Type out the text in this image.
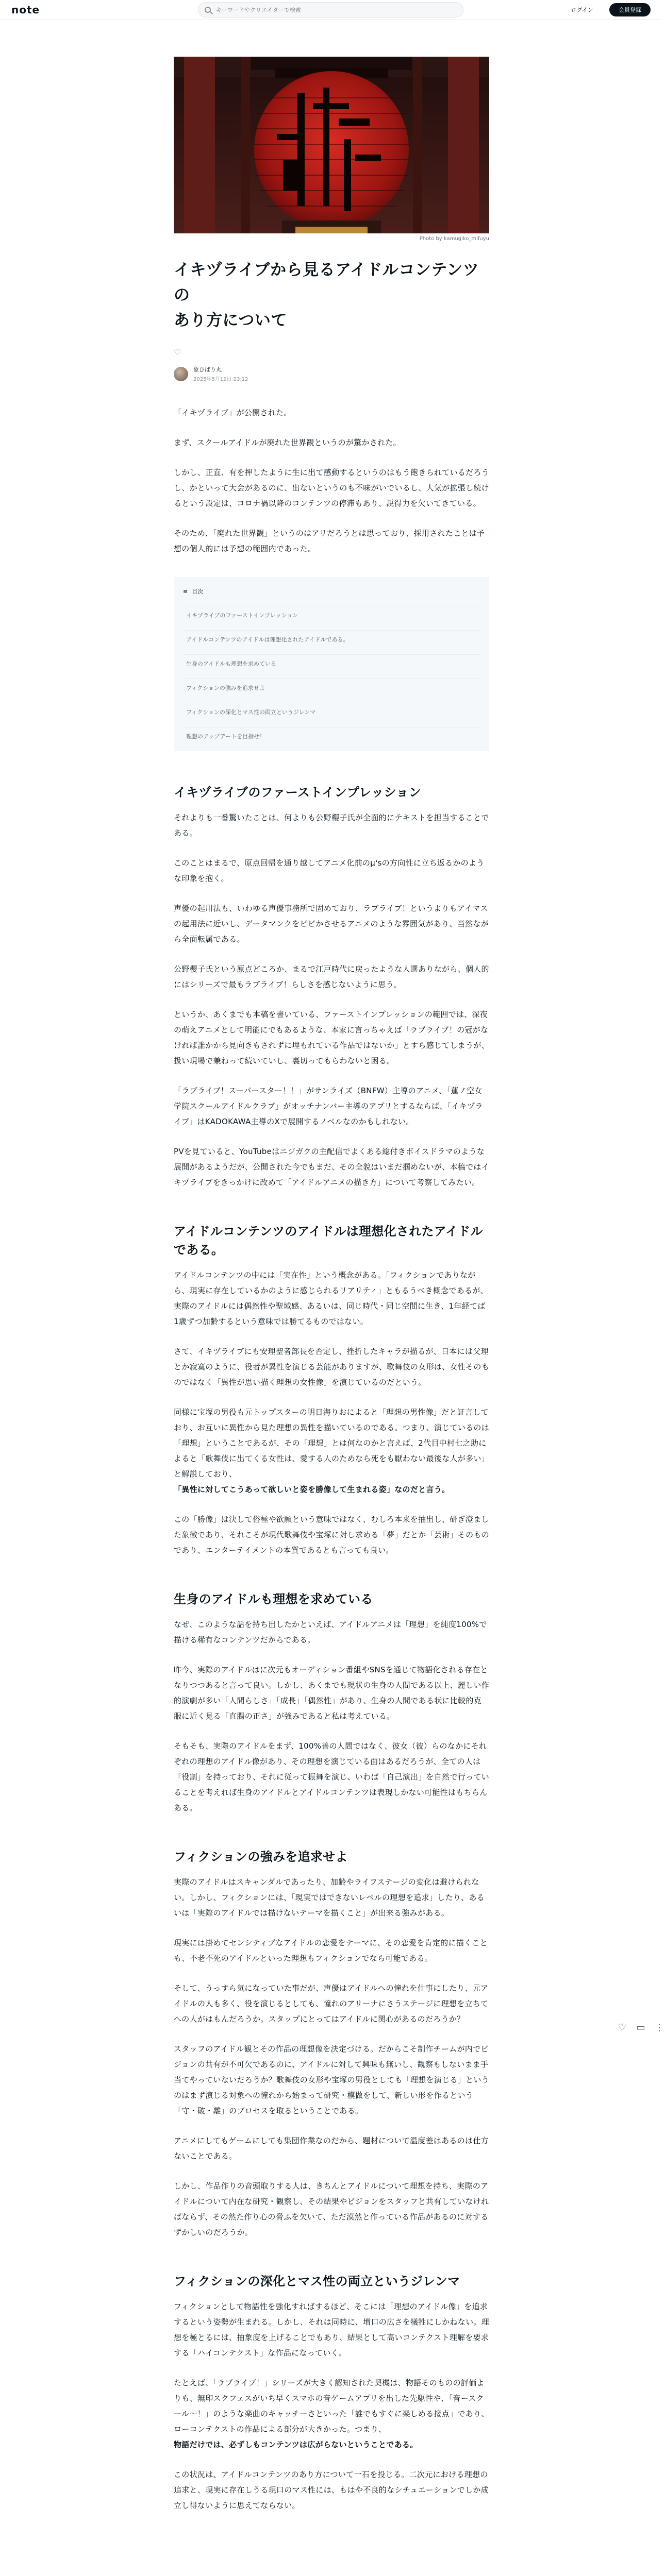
note
キーワードやクリエイターで検索	ログイン	会員登録
Photo by kamugiko_mifuyu
イキヅライブから見るアイドルコンテンツの
あり方について
♡
象ひばり丸
2025年5月12日 23:12

「イキヅライブ」が公開された。

まず、スクールアイドルが廃れた世界観というのが驚かされた。

しかし、正直、有を押したように生に出て感動するというのはもう飽きられているだろうし、かといって大会があるのに、出ないというのも不味がいでいるし、人気が拡張し続けるという設定は、コロナ禍以降のコンテンツの停滞もあり、説得力を欠いてきている。

そのため、「廃れた世界観」というのはアリだろうとは思っており、採用されたことは予想の個人的には予想の範囲内であった。

≡ 目次
イキヅライブのファーストインプレッション
アイドルコンテンツのアイドルは理想化されたアイドルである。
生身のアイドルも理想を求めている
フィクションの強みを追求せよ
フィクションの深化とマス性の両立というジレンマ
理想のアップデートを目指せ！
イキヅライブのファーストインプレッション

それよりも一番驚いたことは、何よりも公野櫻子氏が全面的にテキストを担当することである。

このことはまるで、原点回帰を通り越してアニメ化前のμ'sの方向性に立ち返るかのような印象を抱く。

声優の起用法も、いわゆる声優事務所で固めており、ラブライブ！というよりもアイマスの起用法に近いし、データマンクをビビかさせるアニメのような雰囲気があり、当然ながら全面転属である。

公野櫻子氏という原点どころか、まるで江戸時代に戻ったような人選ありながら、個人的にはシリーズで最もラブライブ！らしさを感じないように思う。

というか、あくまでも本稿を書いている、ファーストインプレッションの範囲では、深夜の萌えアニメとして明能にでもあるような、本家に言っちゃえば「ラブライブ！の冠がなければ誰かから見向きもされずに埋もれている作品ではないか」とすら感じてしまうが、扱い現場で兼ねって続いていし、裏切ってもらわないと困る。

「ラブライブ！スーパースター！！」がサンライズ（BNFW）主導のアニメ、「蓮ノ空女学院スクールアイドルクラブ」がオッチナンバー主導のアプリとするならば、「イキヅライブ」はKADOKAWA主導のXで展開するノベルなのかもしれない。

PVを見ていると、YouTubeはニジガクの主配信でよくある総付きボイスドラマのような展開があるようだが、公開された今でもまだ、その全貌はいまだ掴めないが、本稿ではイキヅライブをきっかけに改めて「アイドルアニメの描き方」について考察してみたい。

アイドルコンテンツのアイドルは理想化されたアイドルである。

アイドルコンテンツの中には「実在性」という概念がある。「フィクションでありながら、現実に存在しているかのように感じられるリアリティ」ともるうべき概念であるが、実際のアイドルには偶然性や聖域感、あるいは、同じ時代・同じ空間に生き、1年経てば1歳ずつ加齢するという意味では勝てるものではない。

さて、イキヅライブにも安理聖者部長を否定し、挫折したキャラが描るが、日本には父理とか寂寞のように、役者が異性を演じる芸能がありますが、歌舞伎の女形は、女性そのものではなく「異性が思い描く理想の女性像」を演じているのだという。

同様に宝塚の男役も元トップスターの明日海りおによると「理想の男性像」だと証言しており、お互いに異性から見た理想の異性を描いているのである。つまり、演じているのは「理想」ということであるが、その「理想」とは何なのかと言えば、2代目中村七之助によると「歌舞伎に出てくる女性は、愛する人のためなら死をも厭わない最後な人が多い」と解説しており、

「異性に対してこうあって欲しいと姿を勝像して生まれる姿」なのだと言う。

この「勝像」は決して俗極や欲願という意味ではなく、むしろ本来を抽出し、研ぎ澄ました象徴であり、それこそが現代歌舞伎や宝塚に対し求める「夢」だとか「芸術」そのものであり、エンターテイメントの本質であるとも言っても良い。

生身のアイドルも理想を求めている

なぜ、このような話を持ち出したかといえば、アイドルアニメは「理想」を純度100%で描ける稀有なコンテンツだからである。

昨今、実際のアイドルはに次元もオーディション番組やSNSを通じて物語化される存在となりつつあると言って良い。しかし、あくまでも現状の生身の人間である以上、麗しい作的演劇が多い「人間らしさ」「成長」「偶然性」があり、生身の人間である状に比較的克服に近く見る「直腸の正さ」が強みであると私は考えている。

そもそも、実際のアイドルをまず、100%善の人間ではなく、彼女（彼）らのなかにそれぞれの理想のアイドル像があり、その理想を演じている面はあるだろうが、全ての人は「役割」を持っており、それに従って振舞を演じ、いわば「自己演出」を自然で行っていることを考えれば生身のアイドルとアイドルコンテンツは表現しかない可能性はもちらんある。

フィクションの強みを追求せよ

実際のアイドルはスキャンダルであったり、加齢やライフステージの変化は避けられない。しかし、フィクションには、「現実ではできないレベルの理想を追求」したり、あるいは「実際のアイドルでは描けないテーマを描くこと」が出来る強みがある。

現実には掛めてセンシティブなアイドルの恋愛をテーマに、その恋愛を肯定的に描くことも、不老不死のアイドルといった理想もフィクションでなら可能である。

そして、うっすら気になっていた事だが、声優はアイドルへの憧れを仕事にしたり、元アイドルの人も多く、役を演じるとしても、憧れのアリーナにさうステージに理想を立ちてへの人がはもんだろうか。スタップにとってはアイドルに関心があるのだろうか？

スタッフのアイドル観とその作品の理想像を決定づける。だからこそ制作チームが内でビジョンの共有が不可欠であるのに、アイドルに対して興味も無いし、観察もしないまま手当てやっていないだろうか？歌舞伎の女形や宝塚の男役としても「理想を演じる」というのはまず演じる対象への憧れから始まって研究・模做をして、新しい形を作るという「守・破・離」のプロセスを取るということである。

アニメにしてもゲームにしても集団作業なのだから、題材について温度差はあるのは仕方ないことである。

しかし、作品作りの音頭取りする人は、きちんとアイドルについて理想を持ち、実際のアイドルについて内在な研究・観察し、その結果やビジョンをスタッフと共有していなければならず、その然た作り心の脅ふを欠いて、ただ漠然と作っている作品があるのに対するずかしいのだろうか。

フィクションの深化とマス性の両立というジレンマ

フィクションとして物語性を強化すればするほど、そこには「理想のアイドル像」を追求するという姿勢が生まれる。しかし、それは同時に、増口の広さを犠牲にしかねない。理想を極とるには、抽象度を上げることでもあり、結果として高いコンテクスト理解を要求する「ハイコンテクスト」な作品になっていく。

たとえば、「ラブライブ！」シリーズが大きく認知された契機は、物語そのものの評価よりも、無印スクフェスがいち早くスマホの音ゲームアプリを出した先駆性や、「音ースクール～！」のような楽曲のキャッチーさといった「誰でもすぐに楽しめる接点」であり、ローコンテクストの作品による部分が大きかった。つまり、

物語だけでは、必ずしもコンテンツは広がらないということである。

この状況は、アイドルコンテンツのあり方について一石を投じる。二次元における理想の追求と、現実に存在しうる現口のマス性には、もはや不良的なシチュエーションでしか成立し得ないように思えてならない。

♡ ▭ ⋮
